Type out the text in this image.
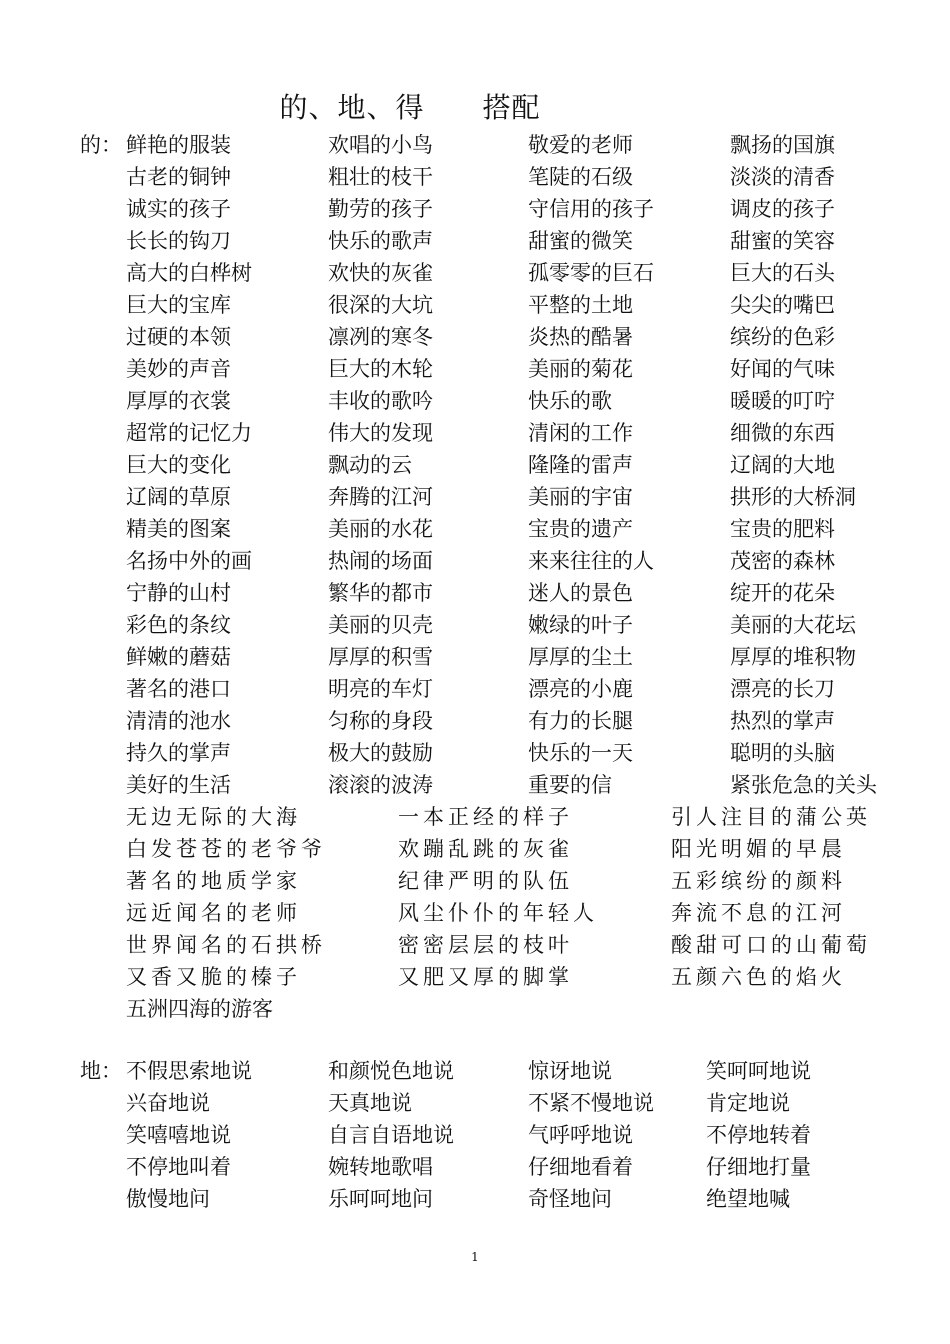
的、地、得　　搭配
的： 鲜艳的服装	欢唱的小鸟	敬爱的老师	飘扬的国旗
古老的铜钟	粗壮的枝干	笔陡的石级	淡淡的清香
诚实的孩子	勤劳的孩子	守信用的孩子	调皮的孩子
长长的钩刀	快乐的歌声	甜蜜的微笑	甜蜜的笑容
高大的白桦树	欢快的灰雀	孤零零的巨石	巨大的石头
巨大的宝库	很深的大坑	平整的土地	尖尖的嘴巴
过硬的本领	凛冽的寒冬	炎热的酷暑	缤纷的色彩
美妙的声音	巨大的木轮	美丽的菊花	好闻的气味
厚厚的衣裳	丰收的歌吟	快乐的歌	暖暖的叮咛
超常的记忆力	伟大的发现	清闲的工作	细微的东西
巨大的变化	飘动的云	隆隆的雷声	辽阔的大地
辽阔的草原	奔腾的江河	美丽的宇宙	拱形的大桥洞
精美的图案	美丽的水花	宝贵的遗产	宝贵的肥料
名扬中外的画	热闹的场面	来来往往的人	茂密的森林
宁静的山村	繁华的都市	迷人的景色	绽开的花朵
彩色的条纹	美丽的贝壳	嫩绿的叶子	美丽的大花坛
鲜嫩的蘑菇	厚厚的积雪	厚厚的尘土	厚厚的堆积物
著名的港口	明亮的车灯	漂亮的小鹿	漂亮的长刀
清清的池水	匀称的身段	有力的长腿	热烈的掌声
持久的掌声	极大的鼓励	快乐的一天	聪明的头脑
美好的生活	滚滚的波涛	重要的信	紧张危急的关头
无边无际的大海	一本正经的样子	引人注目的蒲公英
白发苍苍的老爷爷	欢蹦乱跳的灰雀	阳光明媚的早晨
著名的地质学家	纪律严明的队伍	五彩缤纷的颜料
远近闻名的老师	风尘仆仆的年轻人	奔流不息的江河
世界闻名的石拱桥	密密层层的枝叶	酸甜可口的山葡萄
又香又脆的榛子	又肥又厚的脚掌	五颜六色的焰火
五洲四海的游客
地： 不假思索地说	和颜悦色地说	惊讶地说	笑呵呵地说
兴奋地说	天真地说	不紧不慢地说 肯定地说
笑嘻嘻地说	自言自语地说	气呼呼地说	不停地转着
不停地叫着	婉转地歌唱	仔细地看着	仔细地打量
傲慢地问	乐呵呵地问	奇怪地问	绝望地喊
1
